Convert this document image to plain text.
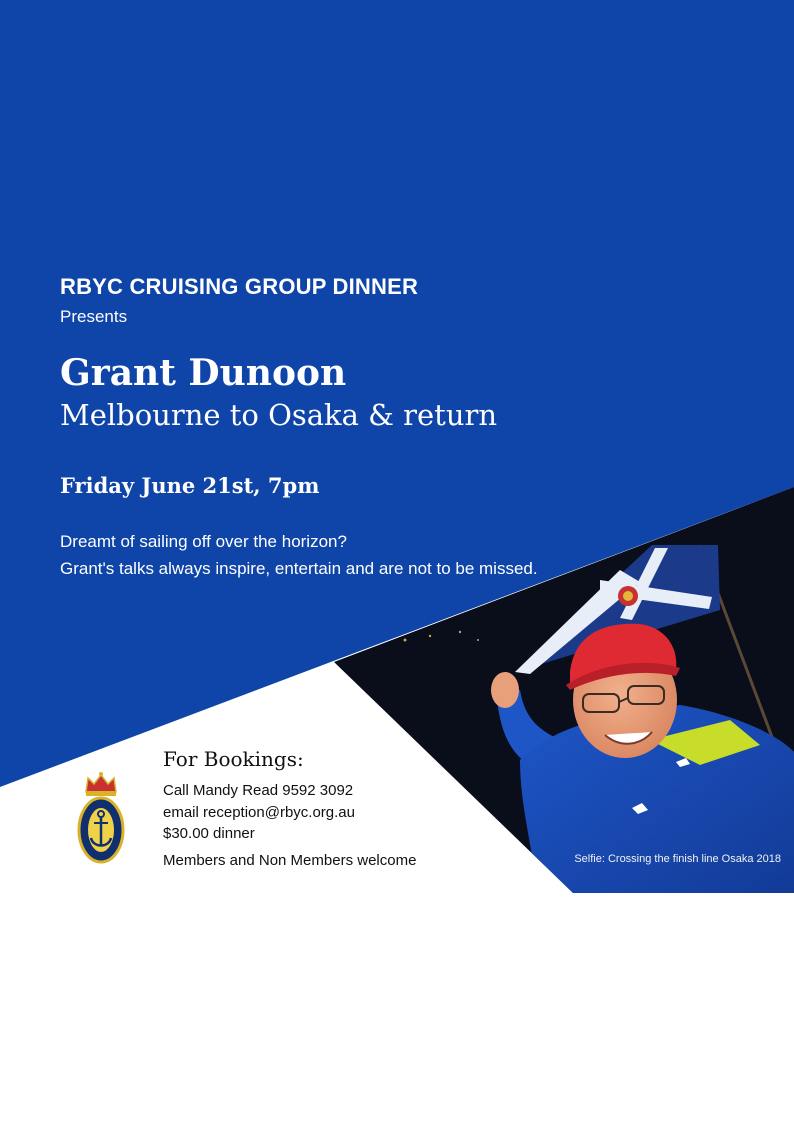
RBYC CRUISING GROUP DINNER

Presents

Grant Dunoon

Melbourne to Osaka & return

Friday June 21st, 7pm

Dreamt of sailing off over the horizon?

Grant's talks always inspire, entertain and are not to be missed.

For Bookings:

Call Mandy Read 9592 3092

email reception@rbyc.org.au

$30.00 dinner

Members and Non Members welcome	Selfie: Crossing the finish line Osaka 2018
